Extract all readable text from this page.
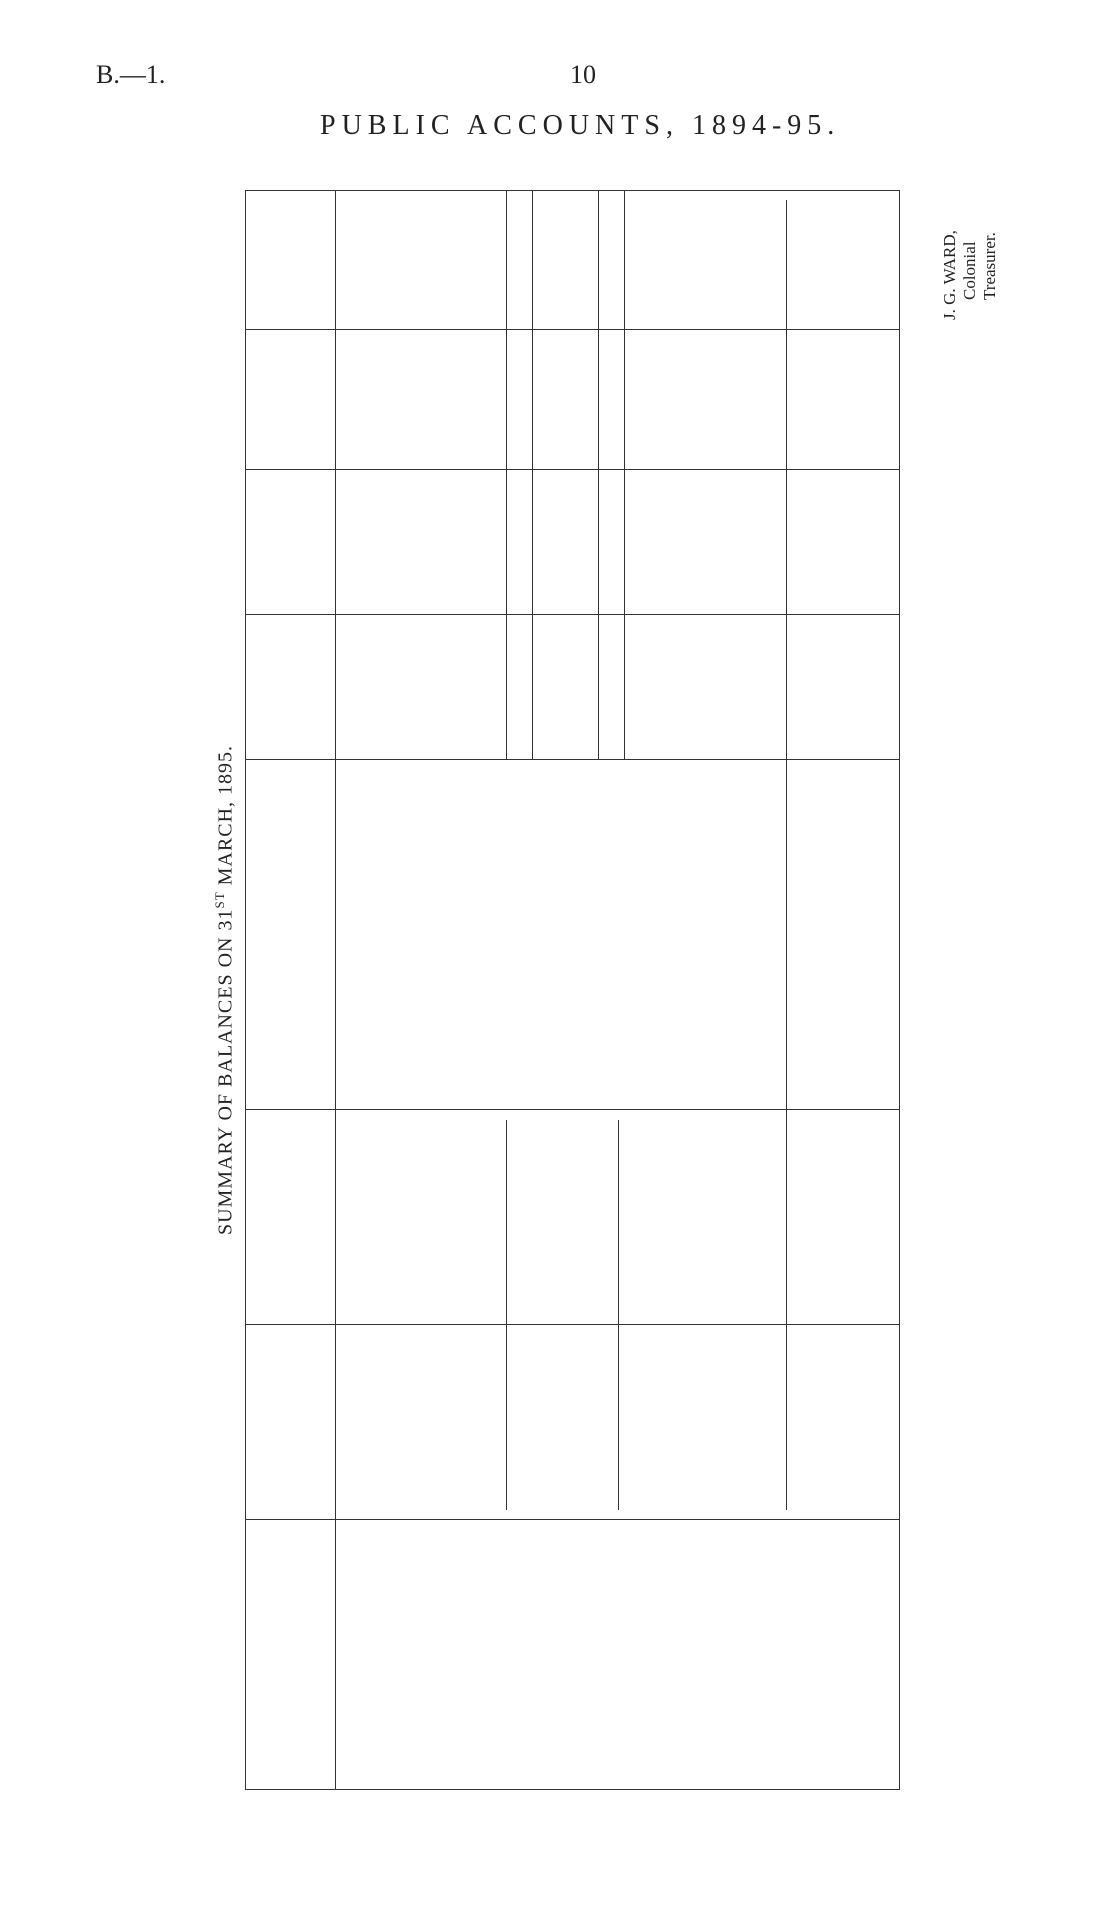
B.—1.	10
PUBLIC ACCOUNTS, 1894-95.
SUMMARY OF BALANCES ON 31ST MARCH, 1895.
J. G. WARD, Colonial Treasurer.
